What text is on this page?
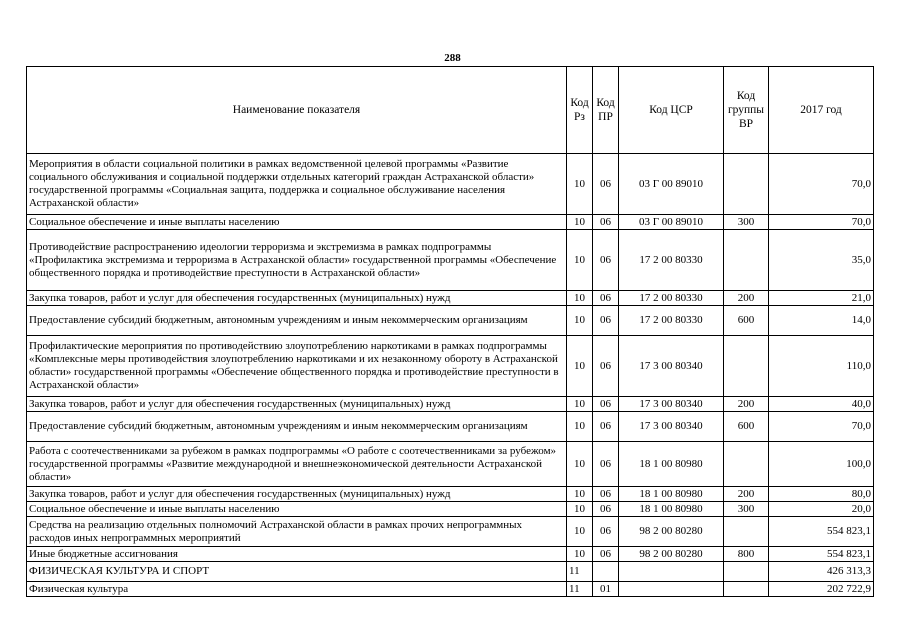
288
Наименование показателя	Код Рз	Код ПР	Код ЦСР	Код группы ВР	2017 год
Мероприятия в области социальной политики в рамках ведомственной целевой программы «Развитие социального обслуживания и социальной поддержки отдельных категорий граждан Астраханской области» государственной программы «Социальная защита, поддержка и социальное обслуживание населения Астраханской области»	10	06	03 Г 00 89010		70,0
Социальное обеспечение и иные выплаты населению	10	06	03 Г 00 89010	300	70,0
Противодействие распространению идеологии терроризма и экстремизма в рамках подпрограммы «Профилактика экстремизма и терроризма в Астраханской области» государственной программы «Обеспечение общественного порядка и противодействие преступности в Астраханской области»	10	06	17 2 00 80330		35,0
Закупка товаров, работ и услуг для обеспечения государственных (муниципальных) нужд	10	06	17 2 00 80330	200	21,0
Предоставление субсидий бюджетным, автономным учреждениям и иным некоммерческим организациям	10	06	17 2 00 80330	600	14,0
Профилактические мероприятия по противодействию злоупотреблению наркотиками в рамках подпрограммы «Комплексные меры противодействия злоупотреблению наркотиками и их незаконному обороту в Астраханской области» государственной программы «Обеспечение общественного порядка и противодействие преступности в Астраханской области»	10	06	17 3 00 80340		110,0
Закупка товаров, работ и услуг для обеспечения государственных (муниципальных) нужд	10	06	17 3 00 80340	200	40,0
Предоставление субсидий бюджетным, автономным учреждениям и иным некоммерческим организациям	10	06	17 3 00 80340	600	70,0
Работа с соотечественниками за рубежом в рамках подпрограммы «О работе с соотечественниками за рубежом» государственной программы «Развитие международной и внешнеэкономической деятельности Астраханской области»	10	06	18 1 00 80980		100,0
Закупка товаров, работ и услуг для обеспечения государственных (муниципальных) нужд	10	06	18 1 00 80980	200	80,0
Социальное обеспечение и иные выплаты населению	10	06	18 1 00 80980	300	20,0
Средства на реализацию отдельных полномочий Астраханской области в рамках прочих непрограммных расходов иных непрограммных мероприятий	10	06	98 2 00 80280		554 823,1
Иные бюджетные ассигнования	10	06	98 2 00 80280	800	554 823,1
ФИЗИЧЕСКАЯ КУЛЬТУРА И СПОРТ	11				426 313,3
Физическая культура	11	01			202 722,9
